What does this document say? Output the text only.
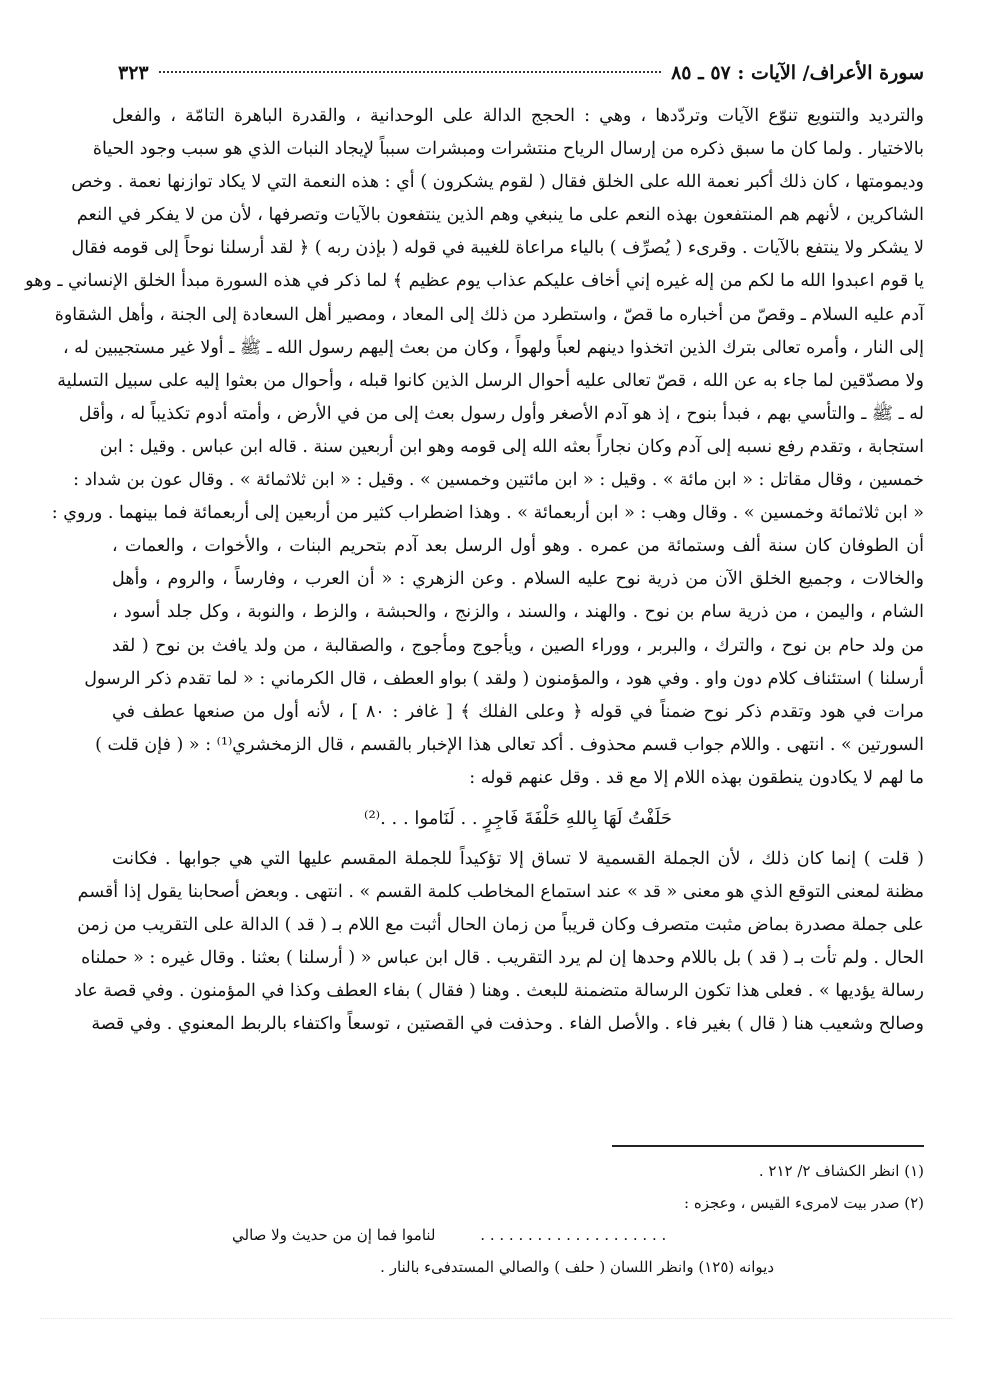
سورة الأعراف/ الآيات : ٥٧ ـ ٨٥
٣٢٣
والترديد والتنويع تنوّع الآيات وتردّدها ، وهي : الحجج الدالة على الوحدانية ، والقدرة الباهرة التامّة ، والفعل
بالاختيار . ولما كان ما سبق ذكره من إرسال الرياح منتشرات ومبشرات سبباً لإيجاد النبات الذي هو سبب وجود الحياة
وديمومتها ، كان ذلك أكبر نعمة الله على الخلق فقال ( لقوم يشكرون ) أي : هذه النعمة التي لا يكاد توازنها نعمة . وخص
الشاكرين ، لأنهم هم المنتفعون بهذه النعم على ما ينبغي وهم الذين ينتفعون بالآيات وتصرفها ، لأن من لا يفكر في النعم
لا يشكر ولا ينتفع بالآيات . وقرىء ( يُصرِّف ) بالياء مراعاة للغيبة في قوله ( بإذن ربه ) ﴿ لقد أرسلنا نوحاً إلى قومه فقال
يا قوم اعبدوا الله ما لكم من إله غيره إني أخاف عليكم عذاب يوم عظيم ﴾ لما ذكر في هذه السورة مبدأ الخلق الإنساني ـ وهو
آدم عليه السلام ـ وقصّ من أخباره ما قصّ ، واستطرد من ذلك إلى المعاد ، ومصير أهل السعادة إلى الجنة ، وأهل الشقاوة
إلى النار ، وأمره تعالى بترك الذين اتخذوا دينهم لعباً ولهواً ، وكان من بعث إليهم رسول الله ـ ﷺ ـ أولا غير مستجيبين له ،
ولا مصدّقين لما جاء به عن الله ، قصّ تعالى عليه أحوال الرسل الذين كانوا قبله ، وأحوال من بعثوا إليه على سبيل التسلية
له ـ ﷺ ـ والتأسي بهم ، فبدأ بنوح ، إذ هو آدم الأصغر وأول رسول بعث إلى من في الأرض ، وأمته أدوم تكذيباً له ، وأقل
استجابة ، وتقدم رفع نسبه إلى آدم وكان نجاراً بعثه الله إلى قومه وهو ابن أربعين سنة . قاله ابن عباس . وقيل : ابن
خمسين ، وقال مقاتل : « ابن مائة » . وقيل : « ابن مائتين وخمسين » . وقيل : « ابن ثلاثمائة » . وقال عون بن شداد :
« ابن ثلاثمائة وخمسين » . وقال وهب : « ابن أربعمائة » . وهذا اضطراب كثير من أربعين إلى أربعمائة فما بينهما . وروي :
أن الطوفان كان سنة ألف وستمائة من عمره . وهو أول الرسل بعد آدم بتحريم البنات ، والأخوات ، والعمات ،
والخالات ، وجميع الخلق الآن من ذرية نوح عليه السلام . وعن الزهري : « أن العرب ، وفارساً ، والروم ، وأهل
الشام ، واليمن ، من ذرية سام بن نوح . والهند ، والسند ، والزنج ، والحبشة ، والزط ، والنوبة ، وكل جلد أسود ،
من ولد حام بن نوح ، والترك ، والبربر ، ووراء الصين ، ويأجوج ومأجوج ، والصقالبة ، من ولد يافث بن نوح ( لقد
أرسلنا ) استئناف كلام دون واو . وفي هود ، والمؤمنون ( ولقد ) بواو العطف ، قال الكرماني : « لما تقدم ذكر الرسول
مرات في هود وتقدم ذكر نوح ضمناً في قوله ﴿ وعلى الفلك ﴾ [ غافر : ٨٠ ] ، لأنه أول من صنعها عطف في
السورتين » . انتهى . واللام جواب قسم محذوف . أكد تعالى هذا الإخبار بالقسم ، قال الزمخشري⁽¹⁾ : « ( فإن قلت )
ما لهم لا يكادون ينطقون بهذه اللام إلا مع قد . وقل عنهم قوله :
حَلَفْتُ لَهَا بِاللهِ حَلْفَةَ فَاجِرٍ . . لَنَاموا . . .⁽²⁾
( قلت ) إنما كان ذلك ، لأن الجملة القسمية لا تساق إلا تؤكيداً للجملة المقسم عليها التي هي جوابها . فكانت
مظنة لمعنى التوقع الذي هو معنى « قد » عند استماع المخاطب كلمة القسم » . انتهى . وبعض أصحابنا يقول إذا أقسم
على جملة مصدرة بماض مثبت متصرف وكان قريباً من زمان الحال أثبت مع اللام بـ ( قد ) الدالة على التقريب من زمن
الحال . ولم تأت بـ ( قد ) بل باللام وحدها إن لم يرد التقريب . قال ابن عباس « ( أرسلنا ) بعثنا . وقال غيره : « حملناه
رسالة يؤديها » . فعلى هذا تكون الرسالة متضمنة للبعث . وهنا ( فقال ) بفاء العطف وكذا في المؤمنون . وفي قصة عاد
وصالح وشعيب هنا ( قال ) بغير فاء . والأصل الفاء . وحذفت في القصتين ، توسعاً واكتفاء بالربط المعنوي . وفي قصة
(١) انظر الكشاف ٢/ ٢١٢ .
(٢) صدر بيت لامرىء القيس ، وعجزه :
. . . . . . . . . . . . . . . . . . . . لناموا فما إن من حديث ولا صالي
ديوانه (١٢٥) وانظر اللسان ( حلف ) والصالي المستدفىء بالنار .
